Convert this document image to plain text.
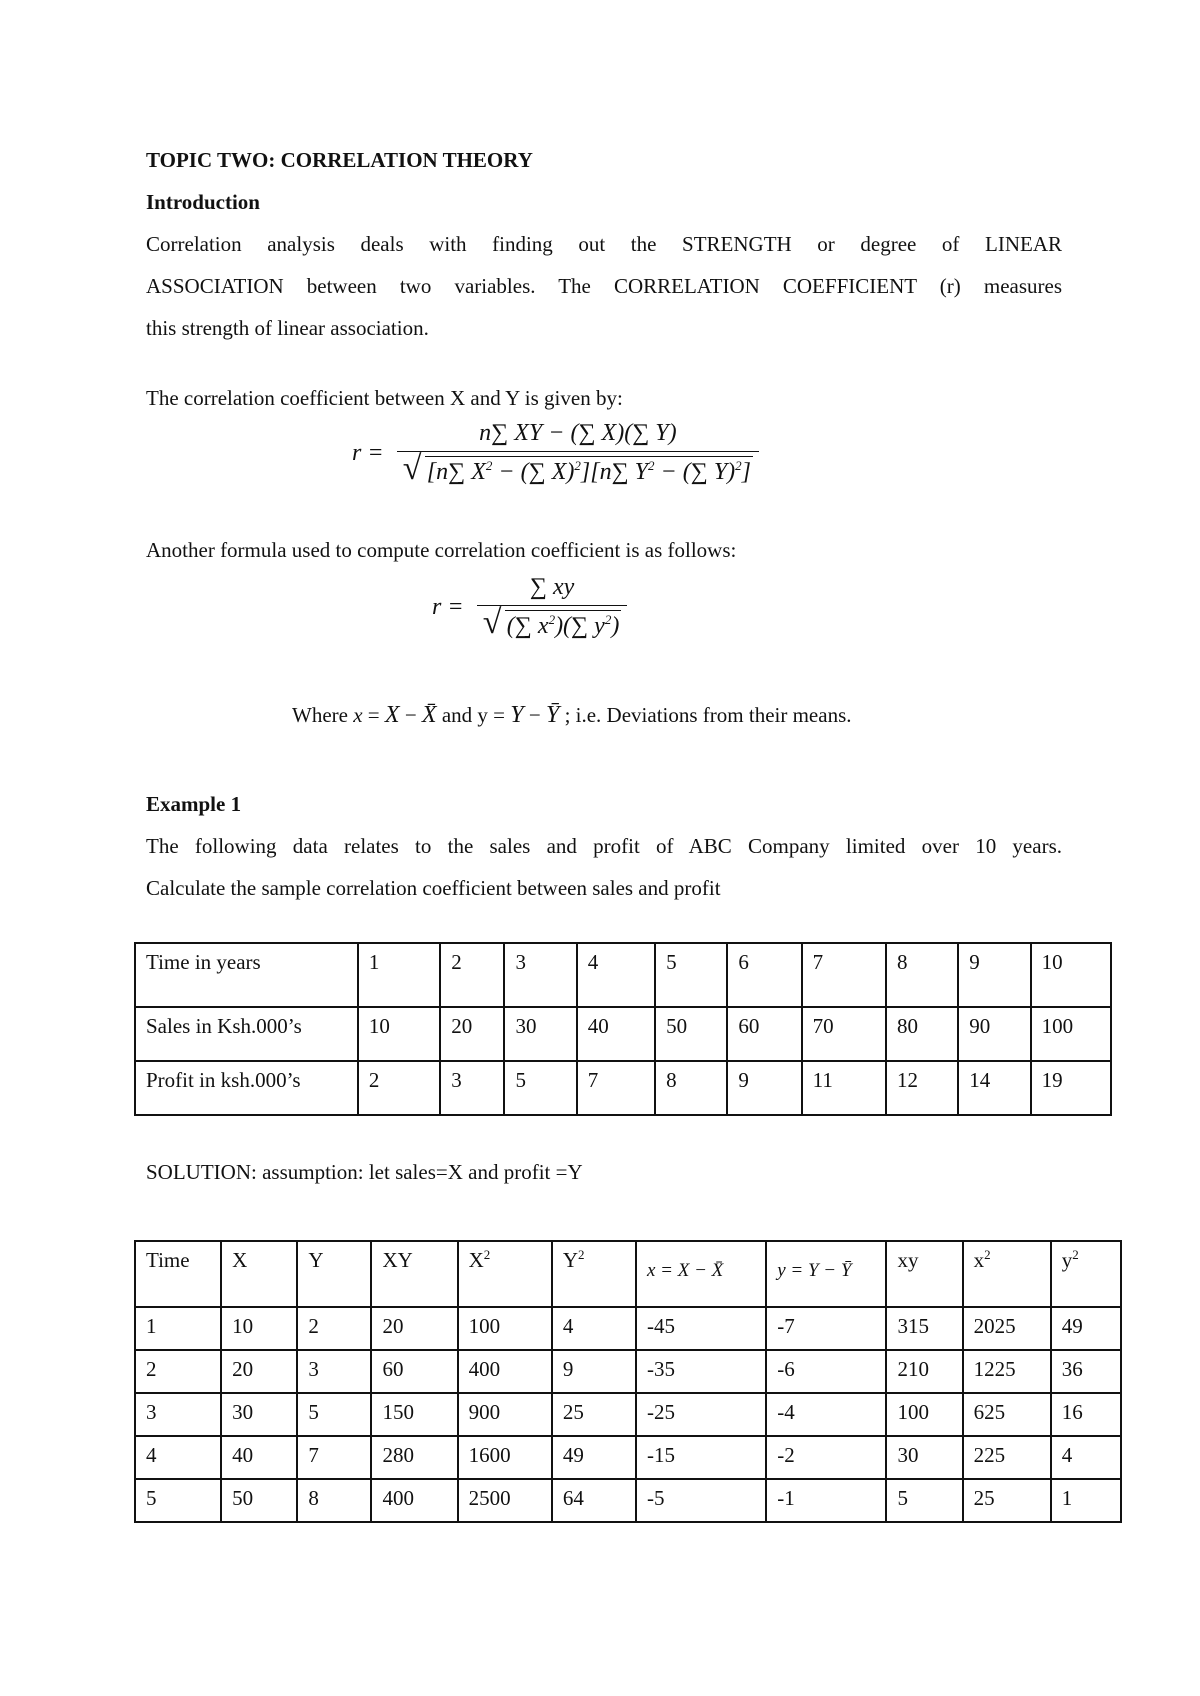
TOPIC TWO: CORRELATION THEORY
Introduction
Correlation analysis deals with finding out the STRENGTH or degree of LINEAR
ASSOCIATION between two variables. The CORRELATION COEFFICIENT (r) measures
this strength of linear association.
The correlation coefficient between X and Y is given by:
r = n∑ XY − (∑ X)(∑ Y)
√ [n∑ $X^2$ − (∑ X)$^2$][n∑ $Y^2$ − (∑ Y)$^2$]
Another formula used to compute correlation coefficient is as follows:
r = ∑ xy
√ (∑ $x^2)(\sum$ $y^2$)
Where x = X − X̄ and y = Y − Ȳ ; i.e. Deviations from their means.
Example 1
The following data relates to the sales and profit of ABC Company limited over 10 years.
Calculate the sample correlation coefficient between sales and profit
Time in years	1	2	3	4	5	6	7	8	9	10
Sales in Ksh.000’s	10	20	30	40	50	60	70	80	90	100
Profit in ksh.000’s	2	3	5	7	8	9	11	12	14	19
SOLUTION: assumption: let sales=X and profit =Y
Time	X	Y	XY	$X^2$	$Y^2$	x = X − X̄	y = Y − Ȳ	xy	$x^2$	$y^2$
1	10	2	20	100	4	-45	-7	315	2025	49
2	20	3	60	400	9	-35	-6	210	1225	36
3	30	5	150	900	25	-25	-4	100	625	16
4	40	7	280	1600	49	-15	-2	30	225	4
5	50	8	400	2500	64	-5	-1	5	25	1
